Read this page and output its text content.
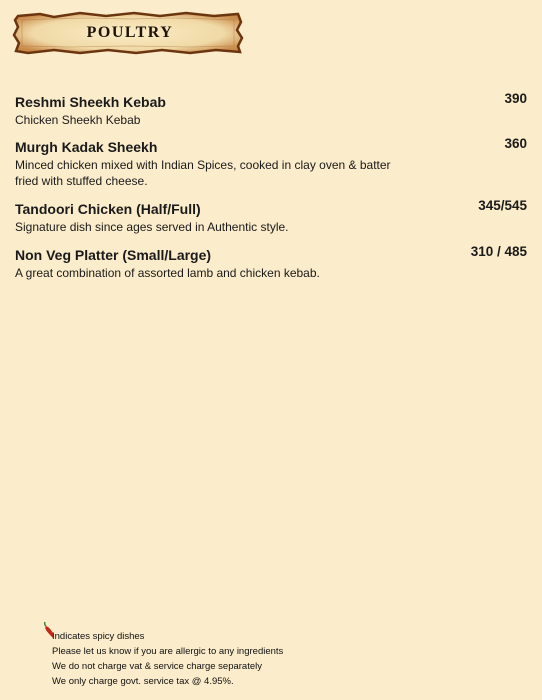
POULTRY
Reshmi Sheekh Kebab
Chicken Sheekh Kebab
390
Murgh Kadak Sheekh
Minced chicken mixed with Indian Spices, cooked in clay oven & batter fried with stuffed cheese.
360
Tandoori Chicken (Half/Full)
Signature dish since ages served in Authentic style.
345/545
Non Veg Platter (Small/Large)
A great combination of assorted lamb and chicken kebab.
310 / 485
Indicates spicy dishes
Please let us know if you are allergic to any ingredients
We do not charge vat & service charge separately
We only charge govt. service tax @ 4.95%.
